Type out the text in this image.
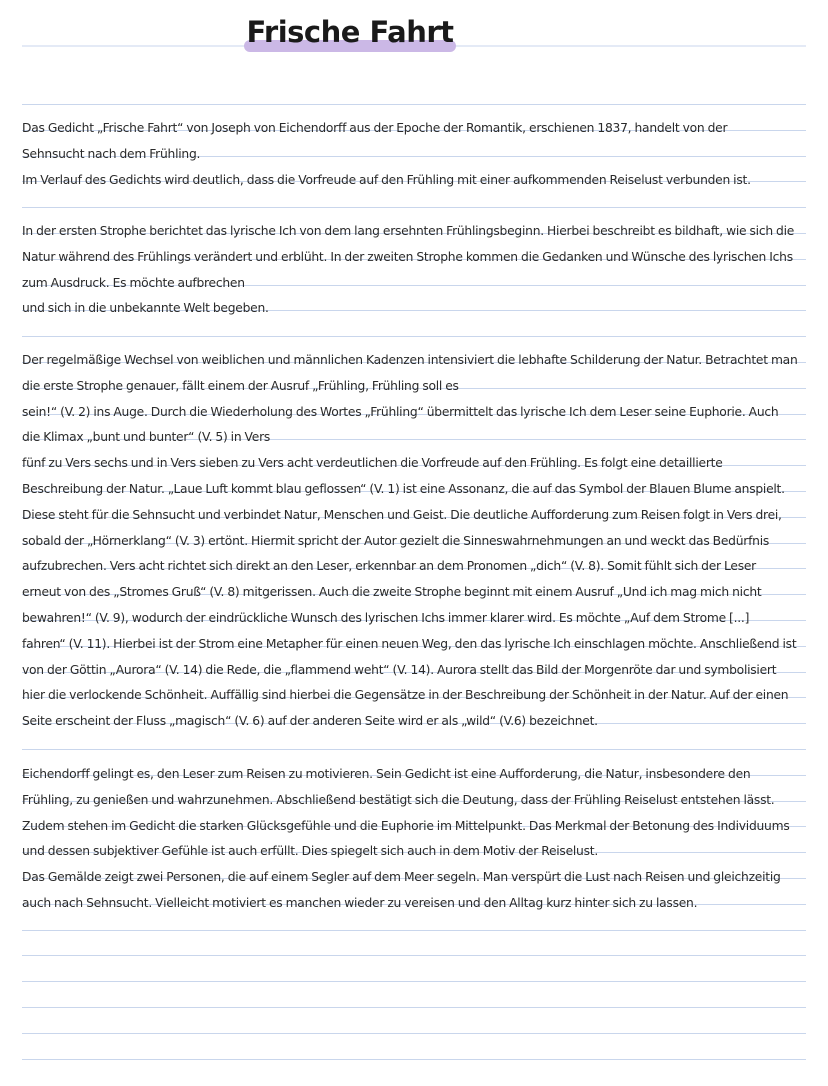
Frische Fahrt
Das Gedicht „Frische Fahrt“ von Joseph von Eichendorff aus der Epoche der Romantik, erschienen 1837, handelt von der
Sehnsucht nach dem Frühling.
Im Verlauf des Gedichts wird deutlich, dass die Vorfreude auf den Frühling mit einer aufkommenden Reiselust verbunden ist.
In der ersten Strophe berichtet das lyrische Ich von dem lang ersehnten Frühlingsbeginn. Hierbei beschreibt es bildhaft, wie sich die
Natur während des Frühlings verändert und erblüht. In der zweiten Strophe kommen die Gedanken und Wünsche des lyrischen Ichs
zum Ausdruck. Es möchte aufbrechen
und sich in die unbekannte Welt begeben.
Der regelmäßige Wechsel von weiblichen und männlichen Kadenzen intensiviert die lebhafte Schilderung der Natur. Betrachtet man
die erste Strophe genauer, fällt einem der Ausruf „Frühling, Frühling soll es
sein!“ (V. 2) ins Auge. Durch die Wiederholung des Wortes „Frühling“ übermittelt das lyrische Ich dem Leser seine Euphorie. Auch
die Klimax „bunt und bunter“ (V. 5) in Vers
fünf zu Vers sechs und in Vers sieben zu Vers acht verdeutlichen die Vorfreude auf den Frühling. Es folgt eine detaillierte
Beschreibung der Natur. „Laue Luft kommt blau geflossen“ (V. 1) ist eine Assonanz, die auf das Symbol der Blauen Blume anspielt.
Diese steht für die Sehnsucht und verbindet Natur, Menschen und Geist. Die deutliche Aufforderung zum Reisen folgt in Vers drei,
sobald der „Hörnerklang“ (V. 3) ertönt. Hiermit spricht der Autor gezielt die Sinneswahrnehmungen an und weckt das Bedürfnis
aufzubrechen. Vers acht richtet sich direkt an den Leser, erkennbar an dem Pronomen „dich“ (V. 8). Somit fühlt sich der Leser
erneut von des „Stromes Gruß“ (V. 8) mitgerissen. Auch die zweite Strophe beginnt mit einem Ausruf „Und ich mag mich nicht
bewahren!“ (V. 9), wodurch der eindrückliche Wunsch des lyrischen Ichs immer klarer wird. Es möchte „Auf dem Strome [...]
fahren“ (V. 11). Hierbei ist der Strom eine Metapher für einen neuen Weg, den das lyrische Ich einschlagen möchte. Anschließend ist
von der Göttin „Aurora“ (V. 14) die Rede, die „flammend weht“ (V. 14). Aurora stellt das Bild der Morgenröte dar und symbolisiert
hier die verlockende Schönheit. Auffällig sind hierbei die Gegensätze in der Beschreibung der Schönheit in der Natur. Auf der einen
Seite erscheint der Fluss „magisch“ (V. 6) auf der anderen Seite wird er als „wild“ (V.6) bezeichnet.
Eichendorff gelingt es, den Leser zum Reisen zu motivieren. Sein Gedicht ist eine Aufforderung, die Natur, insbesondere den
Frühling, zu genießen und wahrzunehmen. Abschließend bestätigt sich die Deutung, dass der Frühling Reiselust entstehen lässt.
Zudem stehen im Gedicht die starken Glücksgefühle und die Euphorie im Mittelpunkt. Das Merkmal der Betonung des Individuums
und dessen subjektiver Gefühle ist auch erfüllt. Dies spiegelt sich auch in dem Motiv der Reiselust.
Das Gemälde zeigt zwei Personen, die auf einem Segler auf dem Meer segeln. Man verspürt die Lust nach Reisen und gleichzeitig
auch nach Sehnsucht. Vielleicht motiviert es manchen wieder zu vereisen und den Alltag kurz hinter sich zu lassen.
